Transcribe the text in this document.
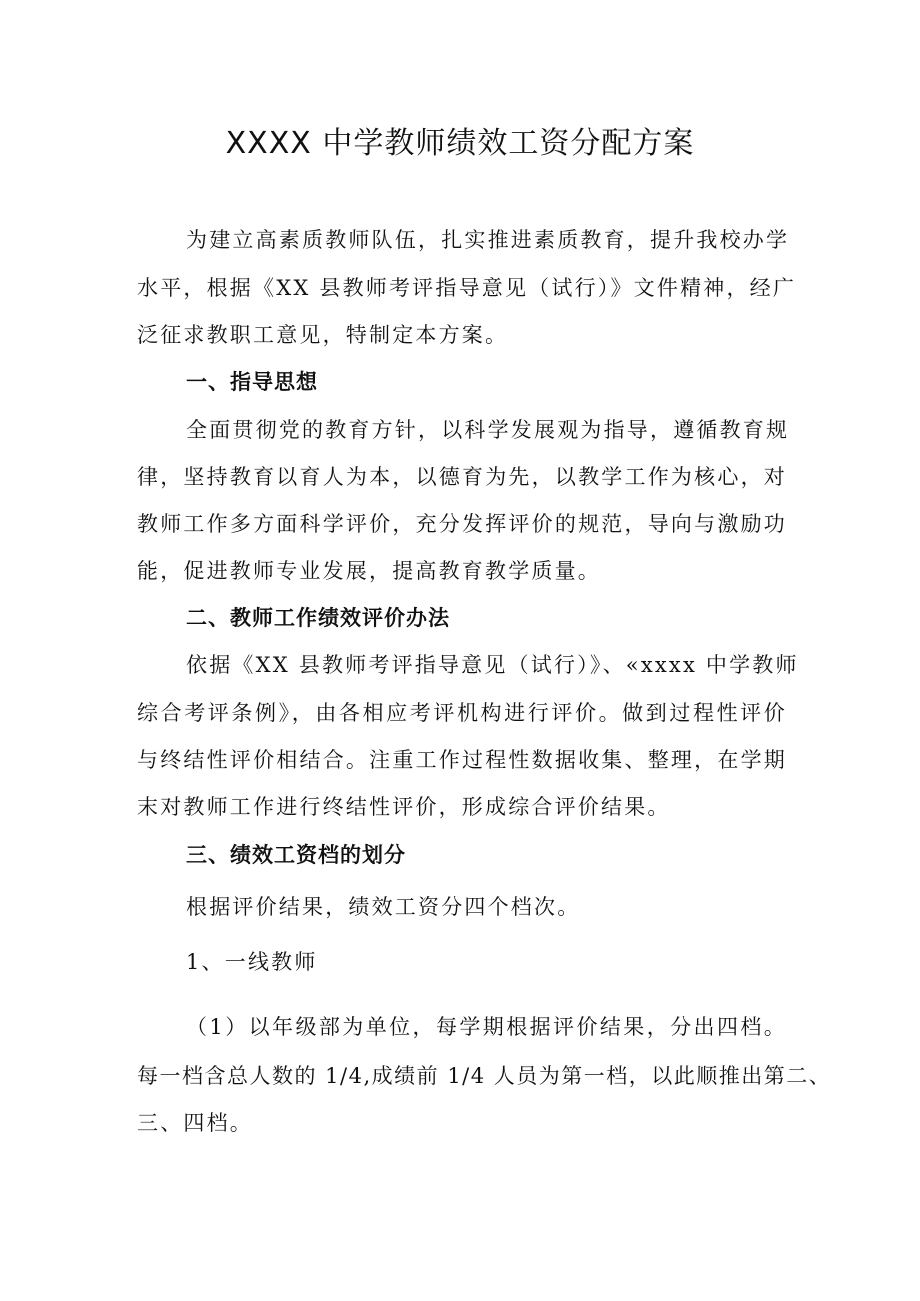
XXXX 中学教师绩效工资分配方案
为建立高素质教师队伍，扎实推进素质教育，提升我校办学
水平，根据《XX 县教师考评指导意见（试行）》文件精神，经广
泛征求教职工意见，特制定本方案。
一、指导思想
全面贯彻党的教育方针，以科学发展观为指导，遵循教育规
律，坚持教育以育人为本，以德育为先，以教学工作为核心，对
教师工作多方面科学评价，充分发挥评价的规范，导向与激励功
能，促进教师专业发展，提高教育教学质量。
二、教师工作绩效评价办法
依据《XX 县教师考评指导意见（试行）》、«xxxx 中学教师
综合考评条例》，由各相应考评机构进行评价。做到过程性评价
与终结性评价相结合。注重工作过程性数据收集、整理，在学期
末对教师工作进行终结性评价，形成综合评价结果。
三、绩效工资档的划分
根据评价结果，绩效工资分四个档次。
1、一线教师
（1）以年级部为单位，每学期根据评价结果，分出四档。
每一档含总人数的 1/4,成绩前 1/4 人员为第一档，以此顺推出第二、
三、四档。
